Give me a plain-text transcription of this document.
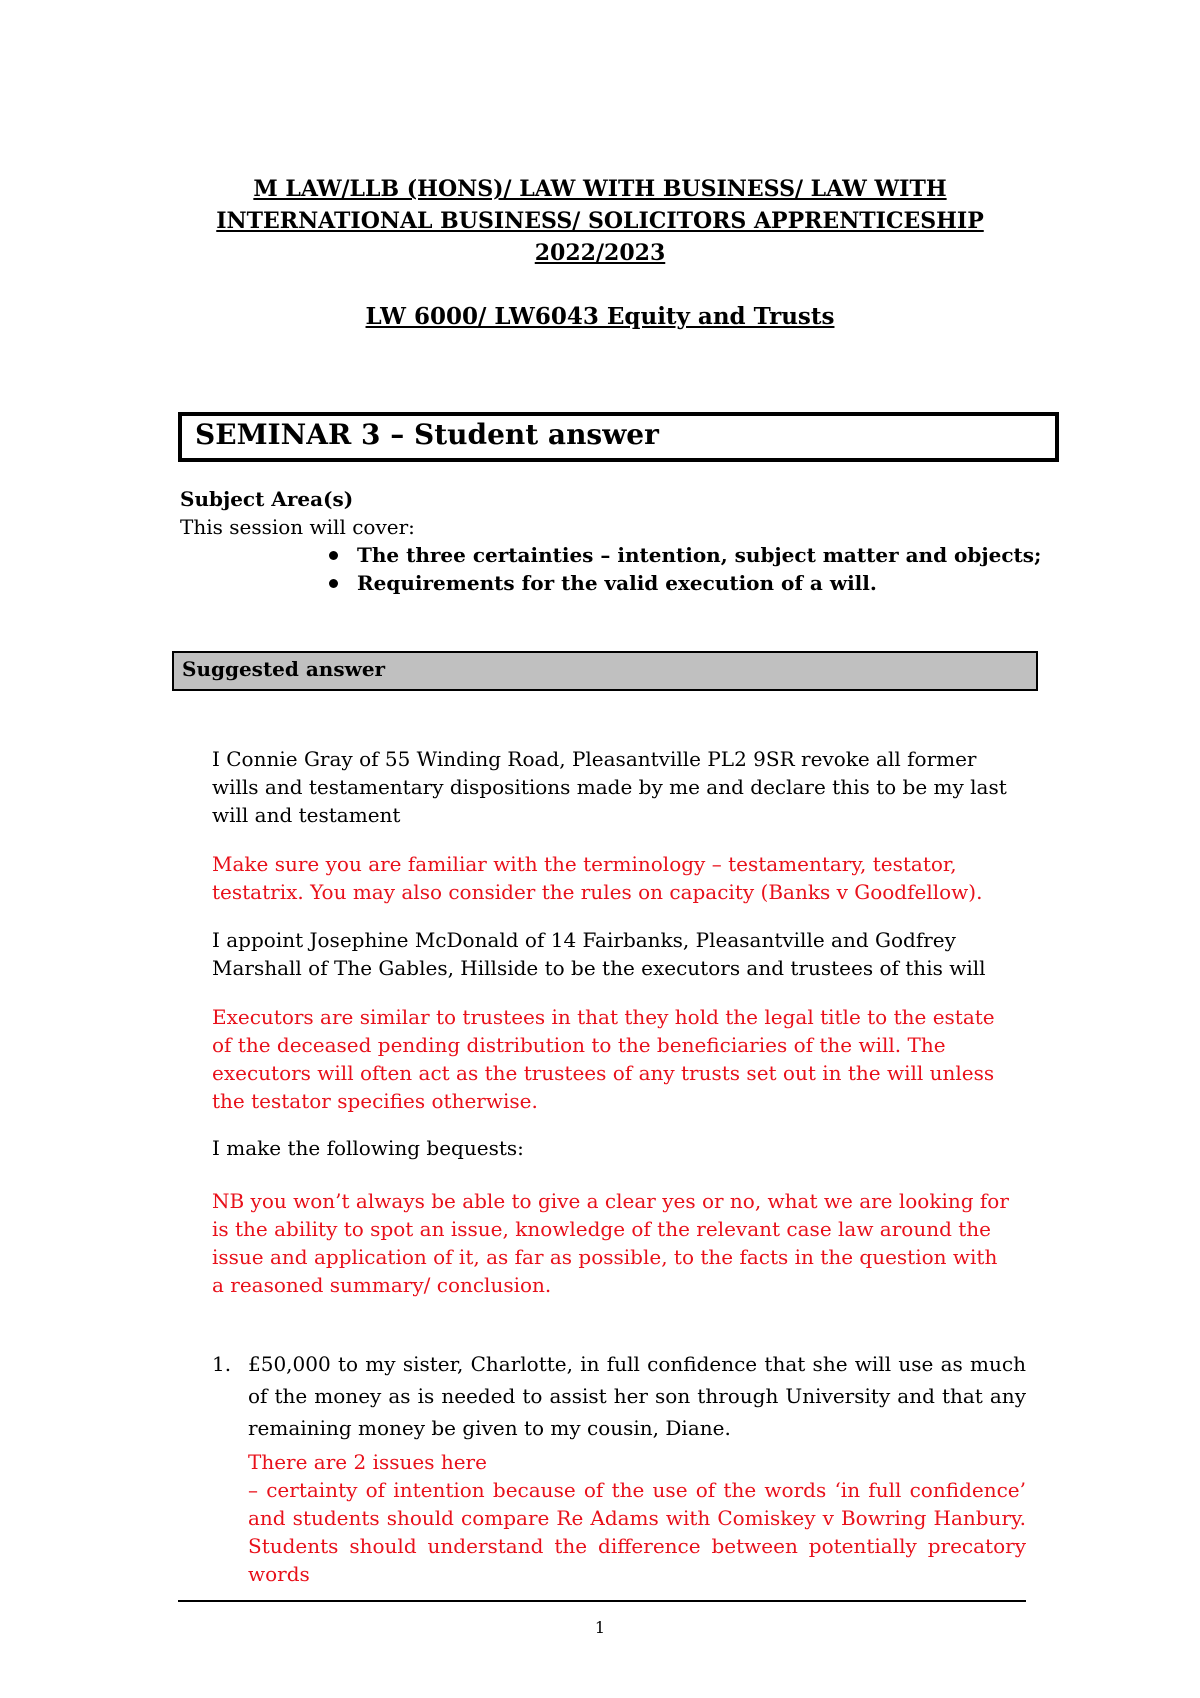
M LAW/LLB (HONS)/ LAW WITH BUSINESS/ LAW WITH
INTERNATIONAL BUSINESS/ SOLICITORS APPRENTICESHIP
2022/2023
LW 6000/ LW6043 Equity and Trusts
SEMINAR 3 – Student answer
Subject Area(s)
This session will cover:
The three certainties – intention, subject matter and objects;
Requirements for the valid execution of a will.
Suggested answer

I Connie Gray of 55 Winding Road, Pleasantville PL2 9SR revoke all former wills and testamentary dispositions made by me and declare this to be my last will and testament

Make sure you are familiar with the terminology – testamentary, testator, testatrix. You may also consider the rules on capacity (Banks v Goodfellow).

I appoint Josephine McDonald of 14 Fairbanks, Pleasantville and Godfrey Marshall of The Gables, Hillside to be the executors and trustees of this will

Executors are similar to trustees in that they hold the legal title to the estate of the deceased pending distribution to the beneficiaries of the will. The executors will often act as the trustees of any trusts set out in the will unless the testator specifies otherwise.

I make the following bequests:

NB you won’t always be able to give a clear yes or no, what we are looking for is the ability to spot an issue, knowledge of the relevant case law around the issue and application of it, as far as possible, to the facts in the question with a reasoned summary/ conclusion.

1. £50,000 to my sister, Charlotte, in full confidence that she will use as much of the money as is needed to assist her son through University and that any remaining money be given to my cousin, Diane.

There are 2 issues here

– certainty of intention because of the use of the words ‘in full confidence’ and students should compare Re Adams with Comiskey v Bowring Hanbury. Students should understand the difference between potentially precatory words

1
